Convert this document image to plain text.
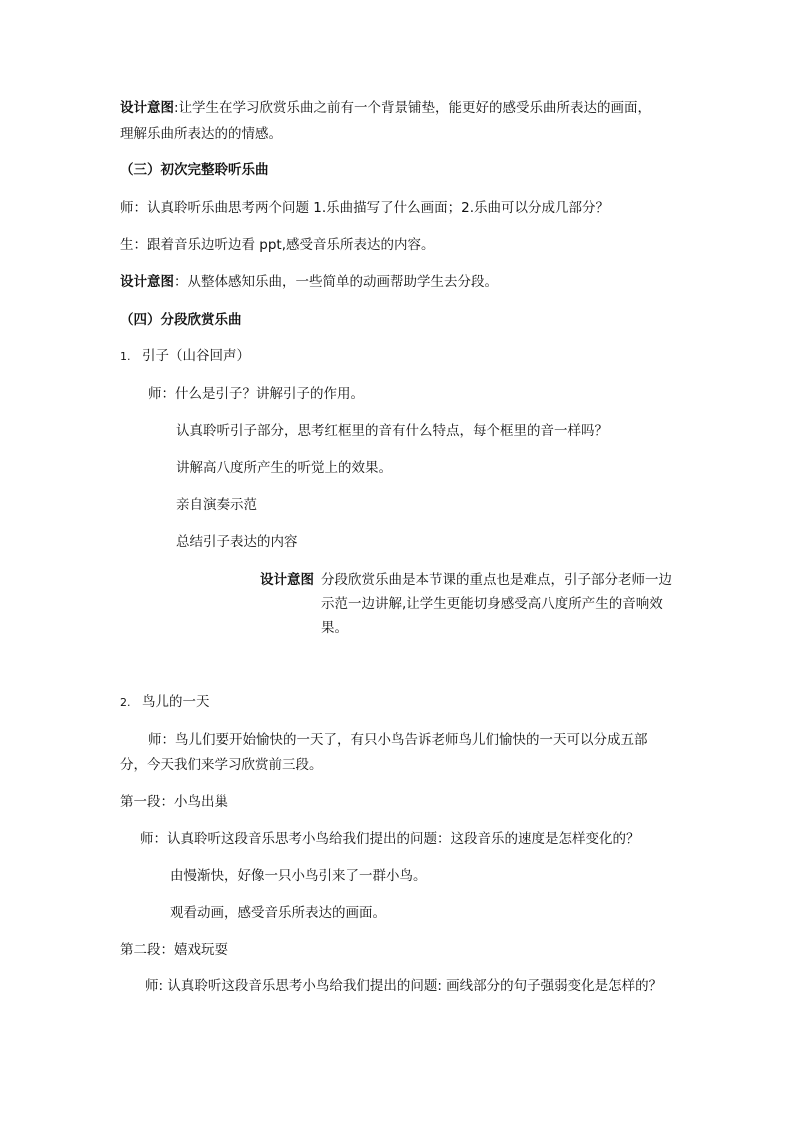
设计意图:让学生在学习欣赏乐曲之前有一个背景铺垫，能更好的感受乐曲所表达的画面，
理解乐曲所表达的的情感。
（三）初次完整聆听乐曲
师：认真聆听乐曲思考两个问题 1.乐曲描写了什么画面；2.乐曲可以分成几部分？
生：跟着音乐边听边看 ppt,感受音乐所表达的内容。
设计意图：从整体感知乐曲，一些简单的动画帮助学生去分段。
（四）分段欣赏乐曲
1. 引子（山谷回声）
师：什么是引子？讲解引子的作用。
认真聆听引子部分，思考红框里的音有什么特点，每个框里的音一样吗？
讲解高八度所产生的听觉上的效果。
亲自演奏示范
总结引子表达的内容
设计意图 分段欣赏乐曲是本节课的重点也是难点，引子部分老师一边示范一边讲解,让学生更能切身感受高八度所产生的音响效果。
2. 鸟儿的一天
师：鸟儿们要开始愉快的一天了，有只小鸟告诉老师鸟儿们愉快的一天可以分成五部
分，今天我们来学习欣赏前三段。
第一段：小鸟出巢
师：认真聆听这段音乐思考小鸟给我们提出的问题：这段音乐的速度是怎样变化的？
由慢渐快，好像一只小鸟引来了一群小鸟。
观看动画，感受音乐所表达的画面。
第二段：嬉戏玩耍
师: 认真聆听这段音乐思考小鸟给我们提出的问题: 画线部分的句子强弱变化是怎样的？
